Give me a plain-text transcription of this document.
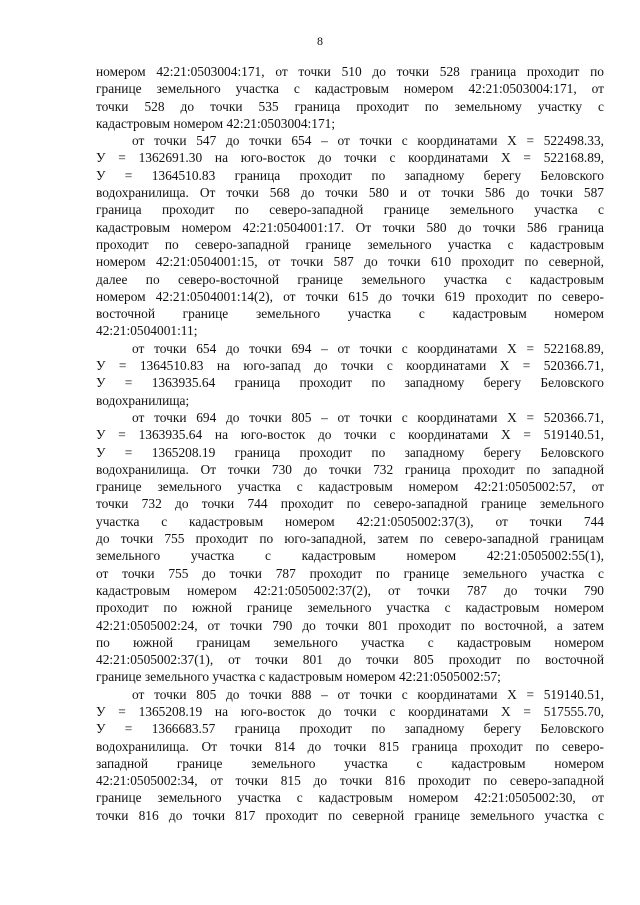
8
номером 42:21:0503004:171, от точки 510 до точки 528 граница проходит по
границе земельного участка с кадастровым номером 42:21:0503004:171, от
точки 528 до точки 535 граница проходит по земельному участку с
кадастровым номером 42:21:0503004:171;
от точки 547 до точки 654 – от точки с координатами Х = 522498.33,
У = 1362691.30 на юго-восток до точки с координатами Х = 522168.89,
У = 1364510.83 граница проходит по западному берегу Беловского
водохранилища. От точки 568 до точки 580 и от точки 586 до точки 587
граница проходит по северо-западной границе земельного участка с
кадастровым номером 42:21:0504001:17. От точки 580 до точки 586 граница
проходит по северо-западной границе земельного участка с кадастровым
номером 42:21:0504001:15, от точки 587 до точки 610 проходит по северной,
далее по северо-восточной границе земельного участка с кадастровым
номером 42:21:0504001:14(2), от точки 615 до точки 619 проходит по северо-
восточной границе земельного участка с кадастровым номером
42:21:0504001:11;
от точки 654 до точки 694 – от точки с координатами Х = 522168.89,
У = 1364510.83 на юго-запад до точки с координатами Х = 520366.71,
У = 1363935.64 граница проходит по западному берегу Беловского
водохранилища;
от точки 694 до точки 805 – от точки с координатами Х = 520366.71,
У = 1363935.64 на юго-восток до точки с координатами Х = 519140.51,
У = 1365208.19 граница проходит по западному берегу Беловского
водохранилища. От точки 730 до точки 732 граница проходит по западной
границе земельного участка с кадастровым номером 42:21:0505002:57, от
точки 732 до точки 744 проходит по северо-западной границе земельного
участка с кадастровым номером 42:21:0505002:37(3), от точки 744
до точки 755 проходит по юго-западной, затем по северо-западной границам
земельного участка с кадастровым номером 42:21:0505002:55(1),
от точки 755 до точки 787 проходит по границе земельного участка с
кадастровым номером 42:21:0505002:37(2), от точки 787 до точки 790
проходит по южной границе земельного участка с кадастровым номером
42:21:0505002:24, от точки 790 до точки 801 проходит по восточной, а затем
по южной границам земельного участка с кадастровым номером
42:21:0505002:37(1), от точки 801 до точки 805 проходит по восточной
границе земельного участка с кадастровым номером 42:21:0505002:57;
от точки 805 до точки 888 – от точки с координатами Х = 519140.51,
У = 1365208.19 на юго-восток до точки с координатами Х = 517555.70,
У = 1366683.57 граница проходит по западному берегу Беловского
водохранилища. От точки 814 до точки 815 граница проходит по северо-
западной границе земельного участка с кадастровым номером
42:21:0505002:34, от точки 815 до точки 816 проходит по северо-западной
границе земельного участка с кадастровым номером 42:21:0505002:30, от
точки 816 до точки 817 проходит по северной границе земельного участка с
